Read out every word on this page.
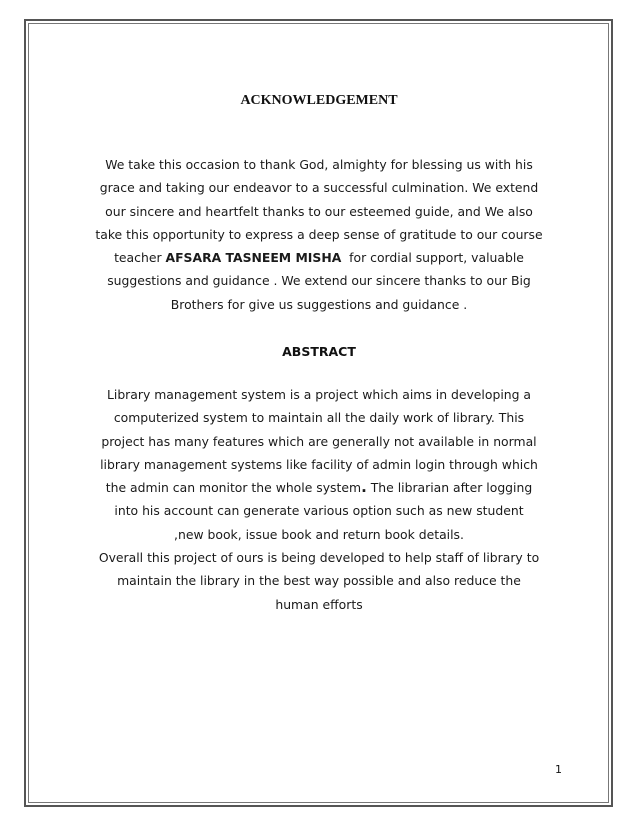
ACKNOWLEDGEMENT
We take this occasion to thank God, almighty for blessing us with his
grace and taking our endeavor to a successful culmination. We extend
our sincere and heartfelt thanks to our esteemed guide, and We also
take this opportunity to express a deep sense of gratitude to our course
teacher AFSARA TASNEEM MISHA for cordial support, valuable
suggestions and guidance . We extend our sincere thanks to our Big
Brothers for give us suggestions and guidance .
ABSTRACT
Library management system is a project which aims in developing a
computerized system to maintain all the daily work of library. This
project has many features which are generally not available in normal
library management systems like facility of admin login through which
the admin can monitor the whole system. The librarian after logging
into his account can generate various option such as new student
,new book, issue book and return book details.
Overall this project of ours is being developed to help staff of library to
maintain the library in the best way possible and also reduce the
human efforts
1
